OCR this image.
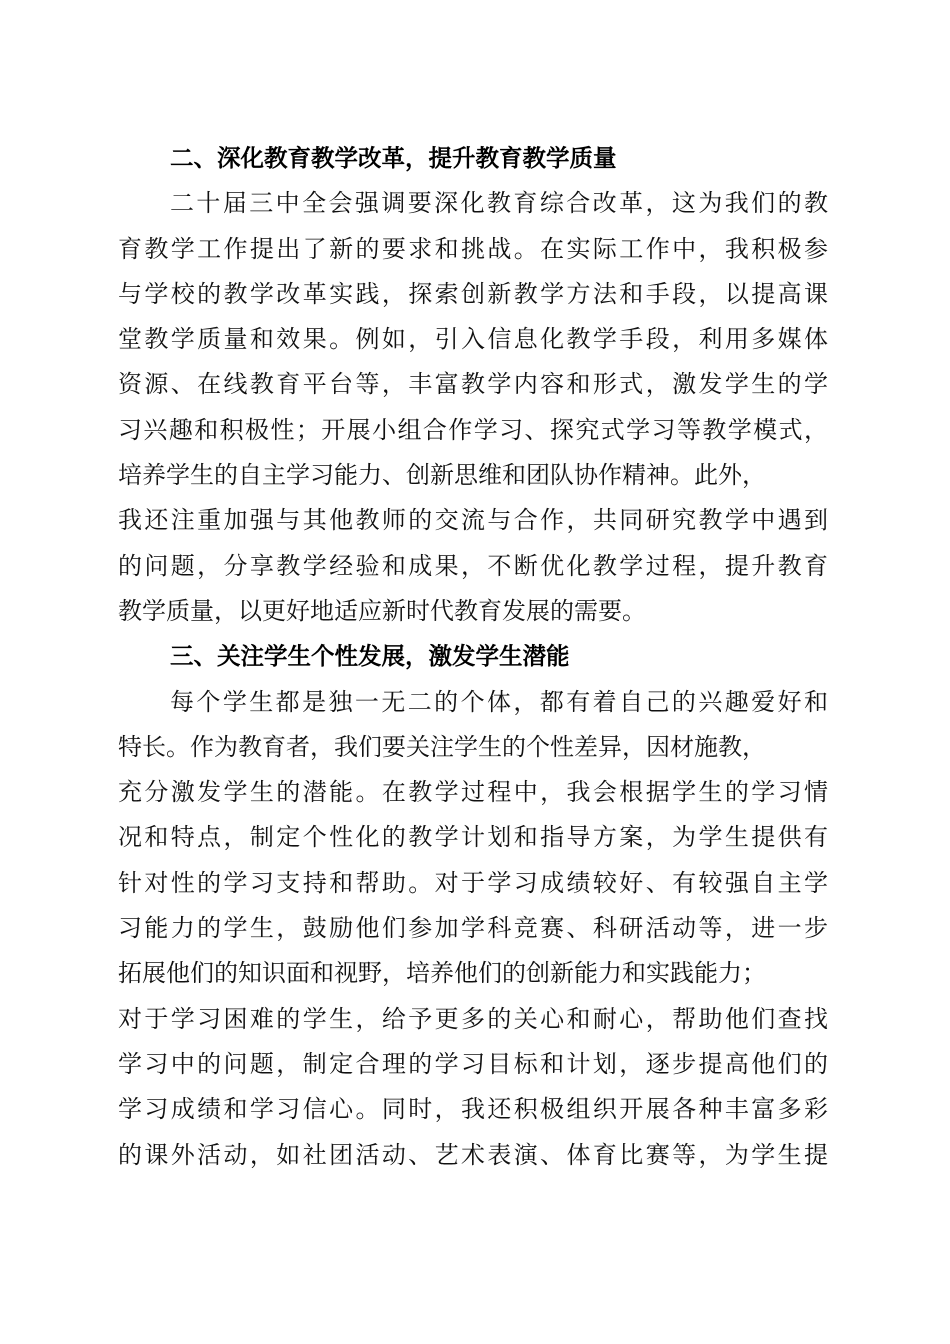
二、深化教育教学改革，提升教育教学质量
二十届三中全会强调要深化教育综合改革，这为我们的教
育教学工作提出了新的要求和挑战。在实际工作中，我积极参
与学校的教学改革实践，探索创新教学方法和手段，以提高课
堂教学质量和效果。例如，引入信息化教学手段，利用多媒体
资源、在线教育平台等，丰富教学内容和形式，激发学生的学
习兴趣和积极性；开展小组合作学习、探究式学习等教学模式，
培养学生的自主学习能力、创新思维和团队协作精神。此外，
我还注重加强与其他教师的交流与合作，共同研究教学中遇到
的问题，分享教学经验和成果，不断优化教学过程，提升教育
教学质量，以更好地适应新时代教育发展的需要。
三、关注学生个性发展，激发学生潜能
每个学生都是独一无二的个体，都有着自己的兴趣爱好和
特长。作为教育者，我们要关注学生的个性差异，因材施教，
充分激发学生的潜能。在教学过程中，我会根据学生的学习情
况和特点，制定个性化的教学计划和指导方案，为学生提供有
针对性的学习支持和帮助。对于学习成绩较好、有较强自主学
习能力的学生，鼓励他们参加学科竞赛、科研活动等，进一步
拓展他们的知识面和视野，培养他们的创新能力和实践能力；
对于学习困难的学生，给予更多的关心和耐心，帮助他们查找
学习中的问题，制定合理的学习目标和计划，逐步提高他们的
学习成绩和学习信心。同时，我还积极组织开展各种丰富多彩
的课外活动，如社团活动、艺术表演、体育比赛等，为学生提
